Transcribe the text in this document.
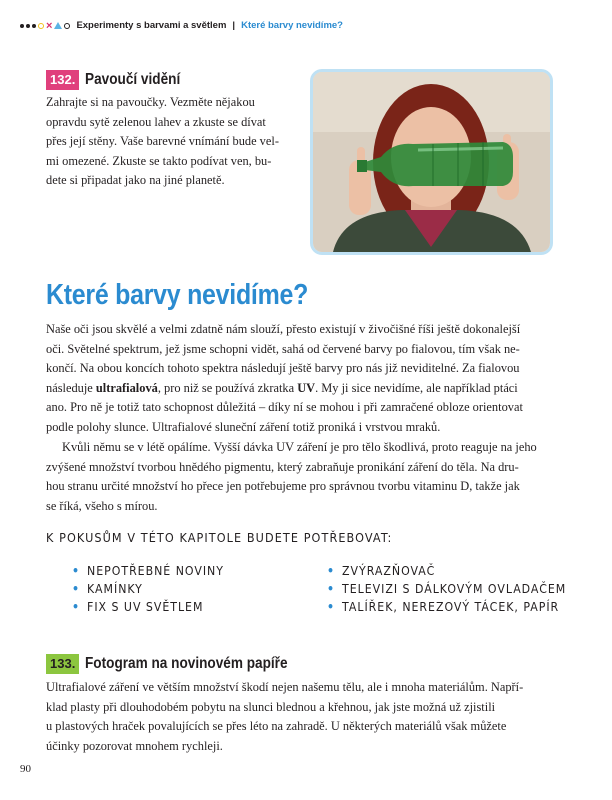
×	Experimenty s barvami a světlem | Které barvy nevidíme?
132. Pavoučí vidění

Zahrajte si na pavoučky. Vezměte nějakou

opravdu sytě zelenou lahev a zkuste se dívat

přes její stěny. Vaše barevné vnímání bude vel-

mi omezené. Zkuste se takto podívat ven, bu-

dete si připadat jako na jiné planetě.

Které barvy nevidíme?

Naše oči jsou skvělé a velmi zdatně nám slouží, přesto existují v živočišné říši ještě dokonalejší

oči. Světelné spektrum, jež jsme schopni vidět, sahá od červené barvy po fialovou, tím však ne-

končí. Na obou koncích tohoto spektra následují ještě barvy pro nás již neviditelné. Za fialovou

následuje ultrafialová, pro niž se používá zkratka UV. My ji sice nevidíme, ale například ptáci

ano. Pro ně je totiž tato schopnost důležitá – díky ní se mohou i při zamračené obloze orientovat

podle polohy slunce. Ultrafialové sluneční záření totiž proniká i vrstvou mraků.

Kvůli němu se v létě opálíme. Vyšší dávka UV záření je pro tělo škodlivá, proto reaguje na jeho

zvýšené množství tvorbou hnědého pigmentu, který zabraňuje pronikání záření do těla. Na dru-

hou stranu určité množství ho přece jen potřebujeme pro správnou tvorbu vitaminu D, takže jak

se říká, všeho s mírou.

K POKUSŮM V TÉTO KAPITOLE BUDETE POTŘEBOVAT:
• NEPOTŘEBNÉ NOVINY
• KAMÍNKY
• FIX S UV SVĚTLEM
• ZVÝRAZŇOVAČ
• TELEVIZI S DÁLKOVÝM OVLADAČEM
• TALÍŘEK, NEREZOVÝ TÁCEK, PAPÍR
133. Fotogram na novinovém papíře

Ultrafialové záření ve větším množství škodí nejen našemu tělu, ale i mnoha materiálům. Napří-

klad plasty při dlouhodobém pobytu na slunci blednou a křehnou, jak jste možná už zjistili

u plastových hraček povalujících se přes léto na zahradě. U některých materiálů však můžete

účinky pozorovat mnohem rychleji.

90
